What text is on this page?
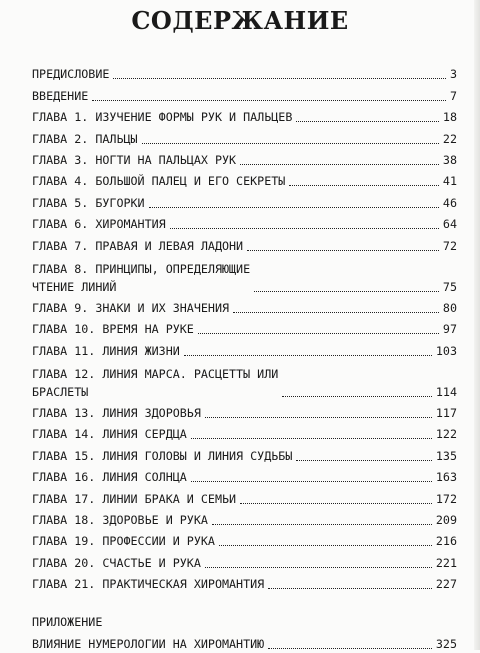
СОДЕРЖАНИЕ
ПРЕДИСЛОВИЕ	3
ВВЕДЕНИЕ	7
ГЛАВА 1. ИЗУЧЕНИЕ ФОРМЫ РУК И ПАЛЬЦЕВ	18
ГЛАВА 2. ПАЛЬЦЫ	22
ГЛАВА 3. НОГТИ НА ПАЛЬЦАХ РУК	38
ГЛАВА 4. БОЛЬШОЙ ПАЛЕЦ И ЕГО СЕКРЕТЫ	41
ГЛАВА 5. БУГОРКИ	46
ГЛАВА 6. ХИРОМАНТИЯ	64
ГЛАВА 7. ПРАВАЯ И ЛЕВАЯ ЛАДОНИ	72
ГЛАВА 8. ПРИНЦИПЫ, ОПРЕДЕЛЯЮЩИЕ
ЧТЕНИЕ ЛИНИЙ	75
ГЛАВА 9. ЗНАКИ И ИХ ЗНАЧЕНИЯ	80
ГЛАВА 10. ВРЕМЯ НА РУКЕ	97
ГЛАВА 11. ЛИНИЯ ЖИЗНИ	103
ГЛАВА 12. ЛИНИЯ МАРСА. РАСЦЕТТЫ ИЛИ
БРАСЛЕТЫ	114
ГЛАВА 13. ЛИНИЯ ЗДОРОВЬЯ	117
ГЛАВА 14. ЛИНИЯ СЕРДЦА	122
ГЛАВА 15. ЛИНИЯ ГОЛОВЫ И ЛИНИЯ СУДЬБЫ	135
ГЛАВА 16. ЛИНИЯ СОЛНЦА	163
ГЛАВА 17. ЛИНИИ БРАКА И СЕМЬИ	172
ГЛАВА 18. ЗДОРОВЬЕ И РУКА	209
ГЛАВА 19. ПРОФЕССИИ И РУКА	216
ГЛАВА 20. СЧАСТЬЕ И РУКА	221
ГЛАВА 21. ПРАКТИЧЕСКАЯ ХИРОМАНТИЯ	227
ПРИЛОЖЕНИЕ
ВЛИЯНИЕ НУМЕРОЛОГИИ НА ХИРОМАНТИЮ	325
